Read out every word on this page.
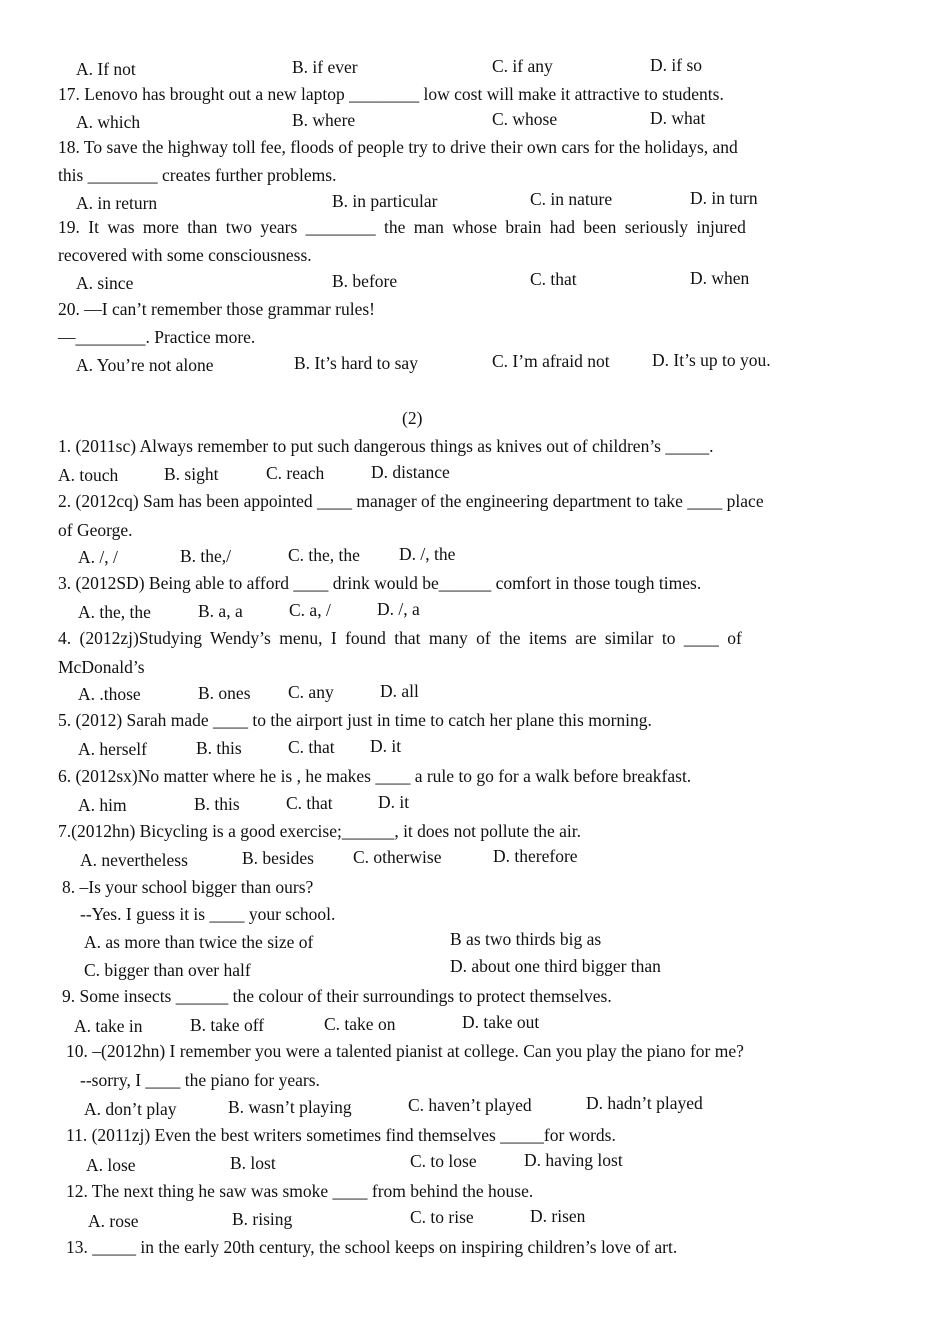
A. If not	B. if ever	C. if any	D. if so
17. Lenovo has brought out a new laptop ________ low cost will make it attractive to students.
A. which	B. where	C. whose	D. what
18. To save the highway toll fee, floods of people try to drive their own cars for the holidays, and
this ________ creates further problems.
A. in return	B. in particular	C. in nature	D. in turn
19. It was more than two years ________ the man whose brain had been seriously injured
recovered with some consciousness.
A. since	B. before	C. that	D. when
20. —I can’t remember those grammar rules!
—________. Practice more.
A. You’re not alone	B. It’s hard to say	C. I’m afraid not D. It’s up to you.
(2)
1. (2011sc) Always remember to put such dangerous things as knives out of children’s _____.
A. touch	B. sight	C. reach	D. distance
2. (2012cq) Sam has been appointed ____ manager of the engineering department to take ____ place
of George.
A. /, /	B. the,/	C. the, the D. /, the
3. (2012SD) Being able to afford ____ drink would be______ comfort in those tough times.
A. the, the	B. a, a	C. a, /	D. /, a
4. (2012zj)Studying Wendy’s menu, I found that many of the items are similar to ____ of
McDonald’s
A. .those	B. ones C. any	D. all
5. (2012) Sarah made ____ to the airport just in time to catch her plane this morning.
A. herself	B. this	C. that D. it
6. (2012sx)No matter where he is , he makes ____ a rule to go for a walk before breakfast.
A. him	B. this	C. that	D. it
7.(2012hn) Bicycling is a good exercise;______, it does not pollute the air.
A. nevertheless	B. besides C. otherwise	D. therefore
8. –Is your school bigger than ours?
--Yes. I guess it is ____ your school.
A. as more than twice the size of	B as two thirds big as
C. bigger than over half	D. about one third bigger than
9. Some insects ______ the colour of their surroundings to protect themselves.
A. take in	B. take off	C. take on	D. take out
10. –(2012hn) I remember you were a talented pianist at college. Can you play the piano for me?
--sorry, I ____ the piano for years.
A. don’t play	B. wasn’t playing	C. haven’t played	D. hadn’t played
11. (2011zj) Even the best writers sometimes find themselves _____for words.
A. lose	B. lost	C. to lose	D. having lost
12. The next thing he saw was smoke ____ from behind the house.
A. rose	B. rising	C. to rise	D. risen
13. _____ in the early 20th century, the school keeps on inspiring children’s love of art.
